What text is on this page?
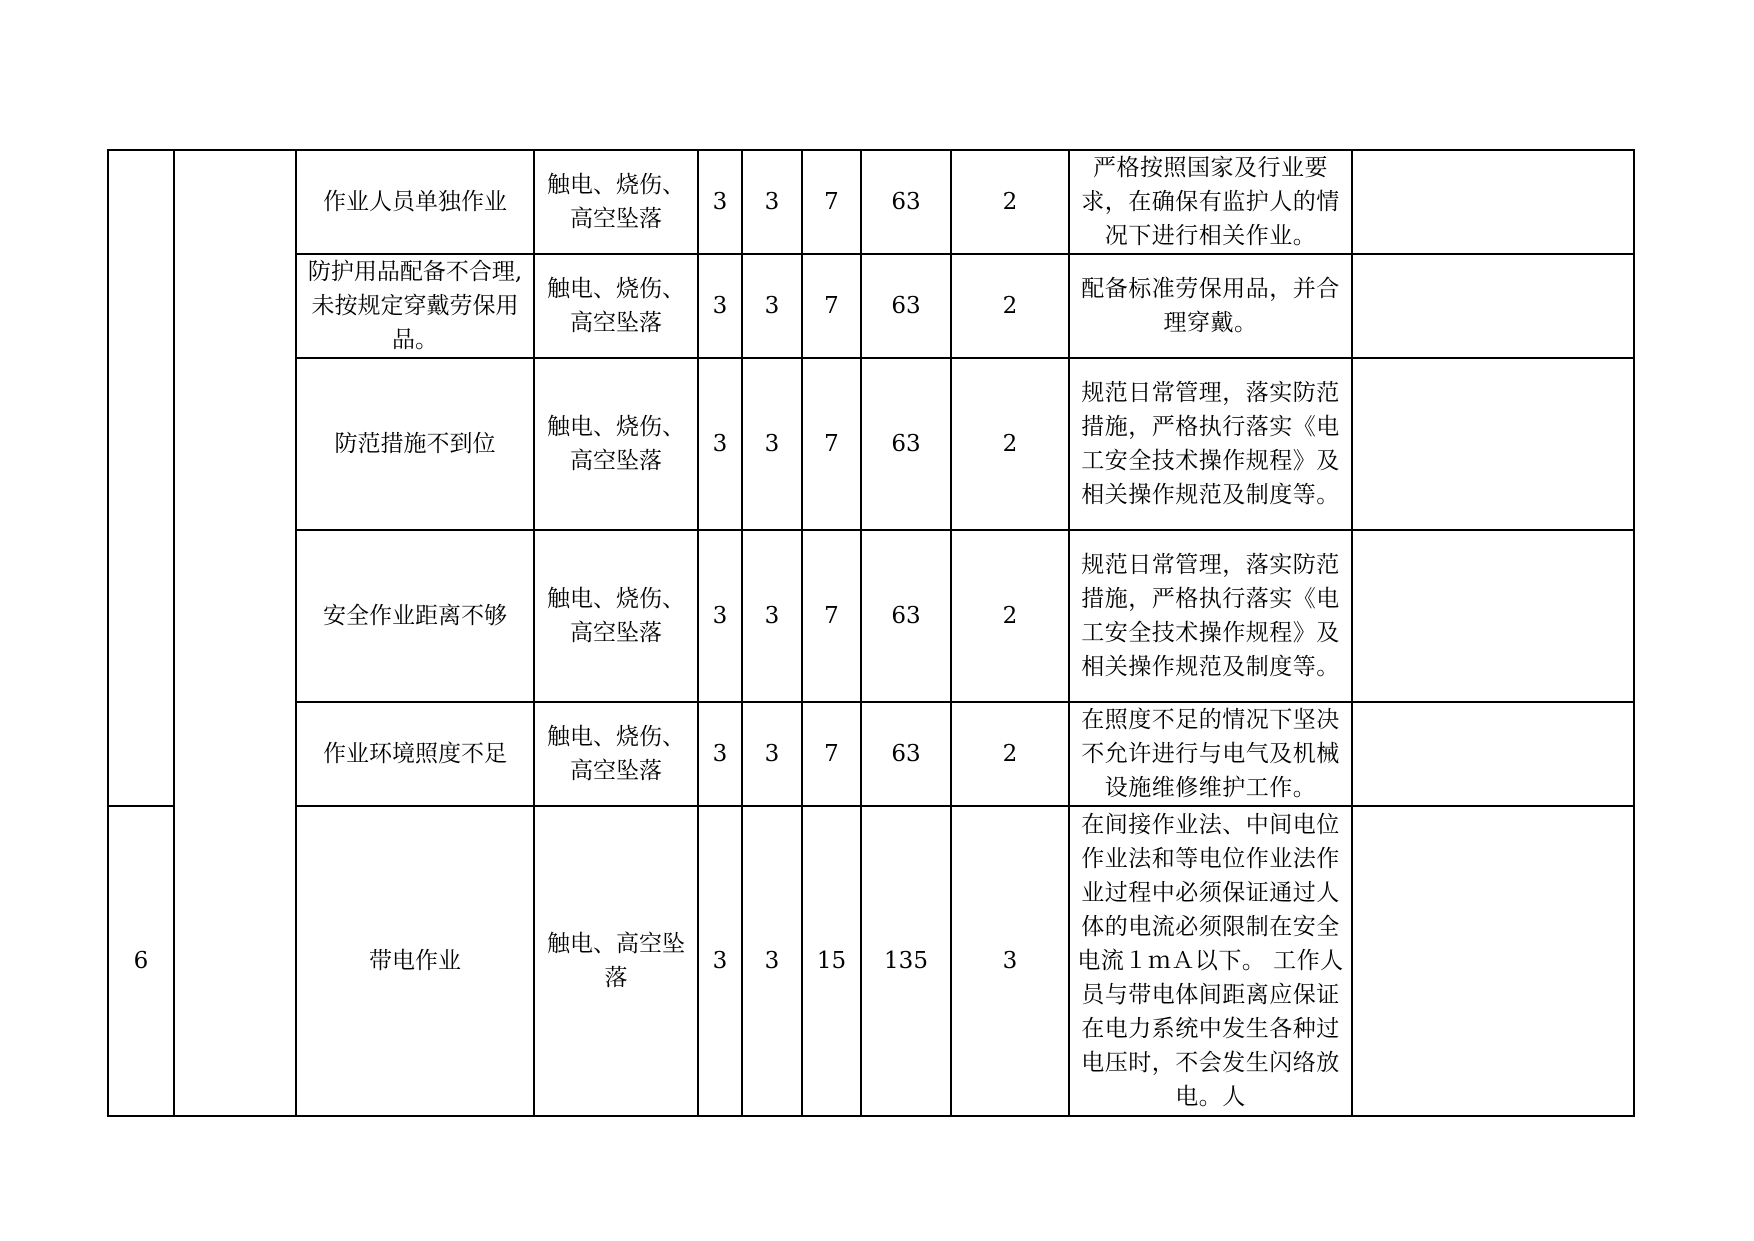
		作业人员单独作业	触电、烧伤、高空坠落	3	3	7	63	2	严格按照国家及行业要求，在确保有监护人的情况下进行相关作业。	
		防护用品配备不合理,未按规定穿戴劳保用品。	触电、烧伤、高空坠落	3	3	7	63	2	配备标准劳保用品，并合理穿戴。	
		防范措施不到位	触电、烧伤、高空坠落	3	3	7	63	2	规范日常管理，落实防范措施，严格执行落实《电工安全技术操作规程》及相关操作规范及制度等。	
		安全作业距离不够	触电、烧伤、高空坠落	3	3	7	63	2	规范日常管理，落实防范措施，严格执行落实《电工安全技术操作规程》及相关操作规范及制度等。	
		作业环境照度不足	触电、烧伤、高空坠落	3	3	7	63	2	在照度不足的情况下坚决不允许进行与电气及机械设施维修维护工作。	
6		带电作业	触电、高空坠落	3	3	15	135	3	在间接作业法、中间电位作业法和等电位作业法作业过程中必须保证通过人体的电流必须限制在安全电流１ｍＡ以下。 工作人员与带电体间距离应保证在电力系统中发生各种过电压时，不会发生闪络放电。人	
